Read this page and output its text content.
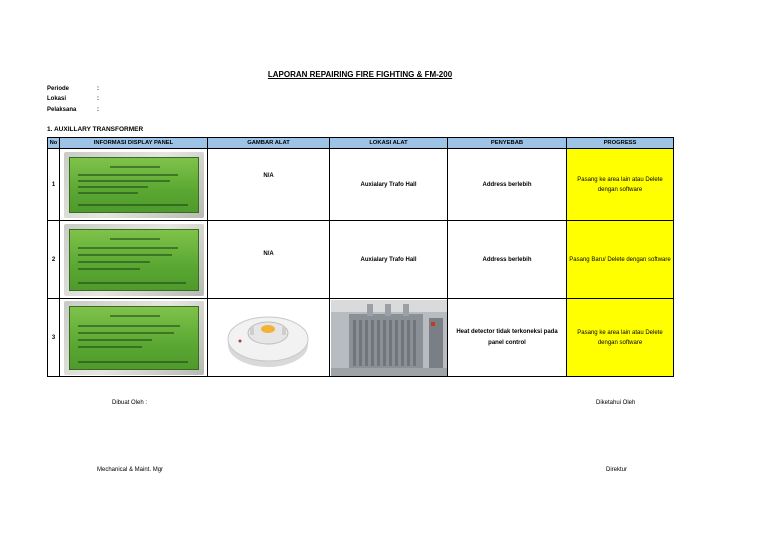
LAPORAN REPAIRING FIRE FIGHTING & FM-200
Periode	:
Lokasi	:
Pelaksana	:
1. AUXILLARY TRANSFORMER
No	INFORMASI DISPLAY PANEL	GAMBAR ALAT	LOKASI ALAT	PENYEBAB	PROGRESS
1		N/A	Auxialary Trafo Hall	Address berlebih	Pasang ke area lain atau Delete dengan software
2		N/A	Auxialary Trafo Hall	Address berlebih	Pasang Baru/ Delete dengan software
3				Heat detector tidak terkoneksi pada panel control	Pasang ke area lain atau Delete dengan software
Dibuat Oleh :	Diketahui Oleh
Mechanical & Maint. Mgr	Direktur
